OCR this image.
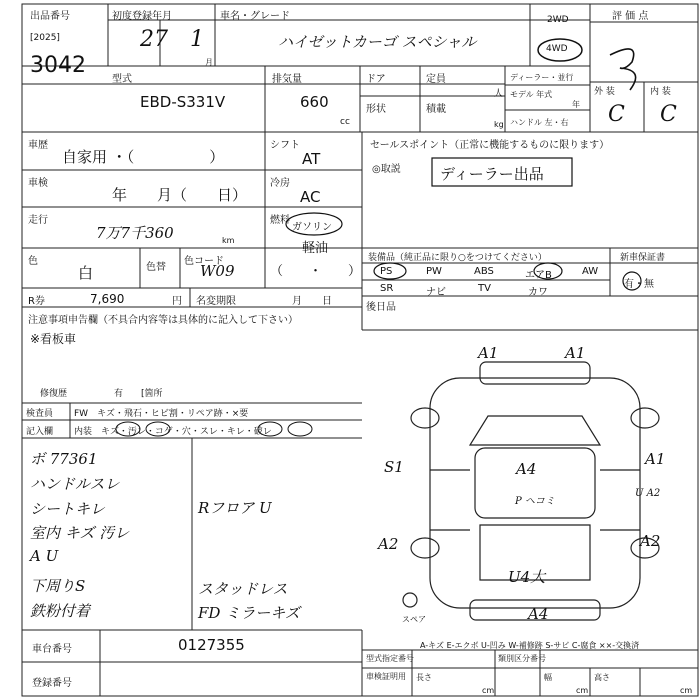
出品番号
[2025]
3042
初度登録年月
27 1
月
車名・グレード
ハイゼットカーゴ スペシャル
2WD
4WD
評 価 点
型式
EBD-S331V
排気量
660
cc
ドア	定員
人
形状	積載
kg
ディーラー・並行
モデル 年式
年
ハンドル 左・右
外 装	内 装
C C
車歴
自家用 ・（　　　　　）
シフト
AT
車検
年　　月（　　日）
冷房
AC
走行
7万7千360	km
燃料
ガソリン
軽油
（　　・　　）
色
白	色替
色コード
W09
R券	7,690	円 名変期限	月　　日
注意事項申告欄（不具合内容等は具体的に記入して下さい）
※看板車
修復歴	有　　[箇所
検査員
記入欄
FW　キズ・飛石・ヒビ割・リペア跡・×要
内装　キズ・汚レ・コゲ・穴・スレ・キレ・破レ
ボ 77361
ハンドルスレ
シートキレ
室内 キズ 汚レ
A U
下周りS
鉄粉付着
Rフロア U
スタッドレス
FD ミラーキズ
車台番号	0127355
登録番号
セールスポイント（正常に機能するものに限ります）
◎取説	ディーラー出品
装備品（純正品に限り○をつけてください）	新車保証書
PS	PW	ABS	エアB	AW
SR	ナビ	TV	カワ
有・無
後日品
A1	A1
S1	A4
A1
U A2
P ヘコミ
A2	A2
U4大
A4
スペア
A-キズ E-エクボ U-凹み W-補修跡 S-サビ C-腐食 ××-交換済
型式指定番号	類別区分番号
車検証明用 長さ	幅	高さ
cm	cm	cm
